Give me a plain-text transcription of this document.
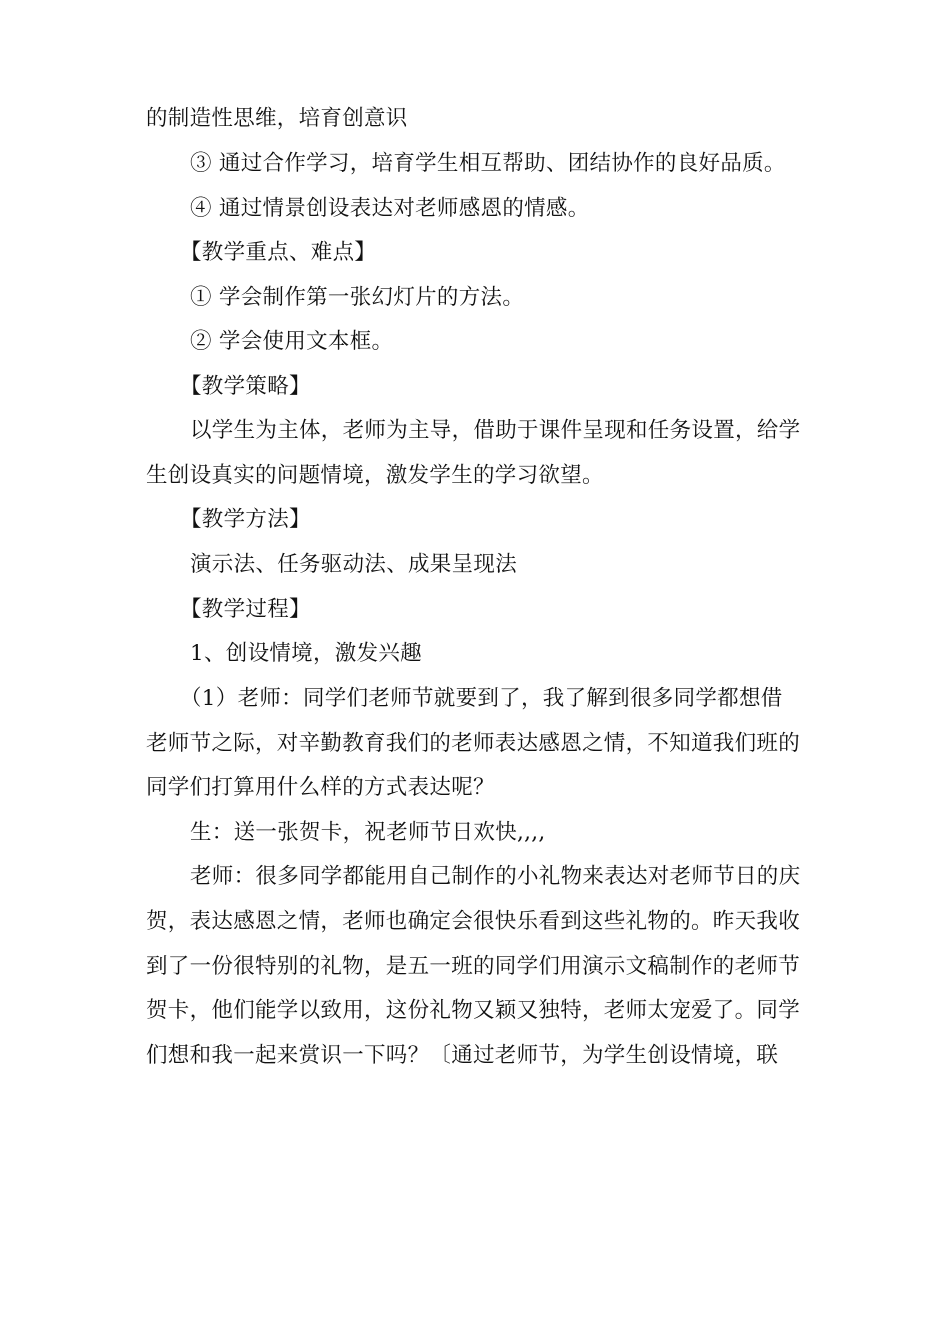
的制造性思维，培育创意识
③ 通过合作学习，培育学生相互帮助、团结协作的良好品质。
④ 通过情景创设表达对老师感恩的情感。
【教学重点、难点】
① 学会制作第一张幻灯片的方法。
② 学会使用文本框。
【教学策略】
以学生为主体，老师为主导，借助于课件呈现和任务设置，给学
生创设真实的问题情境，激发学生的学习欲望。
【教学方法】
演示法、任务驱动法、成果呈现法
【教学过程】
1、创设情境，激发兴趣
（1）老师：同学们老师节就要到了，我了解到很多同学都想借
老师节之际，对辛勤教育我们的老师表达感恩之情，不知道我们班的
同学们打算用什么样的方式表达呢？
生：送一张贺卡，祝老师节日欢快,,,,
老师：很多同学都能用自己制作的小礼物来表达对老师节日的庆
贺，表达感恩之情，老师也确定会很快乐看到这些礼物的。昨天我收
到了一份很特别的礼物，是五一班的同学们用演示文稿制作的老师节
贺卡，他们能学以致用，这份礼物又颖又独特，老师太宠爱了。同学
们想和我一起来赏识一下吗？〔通过老师节，为学生创设情境，联
